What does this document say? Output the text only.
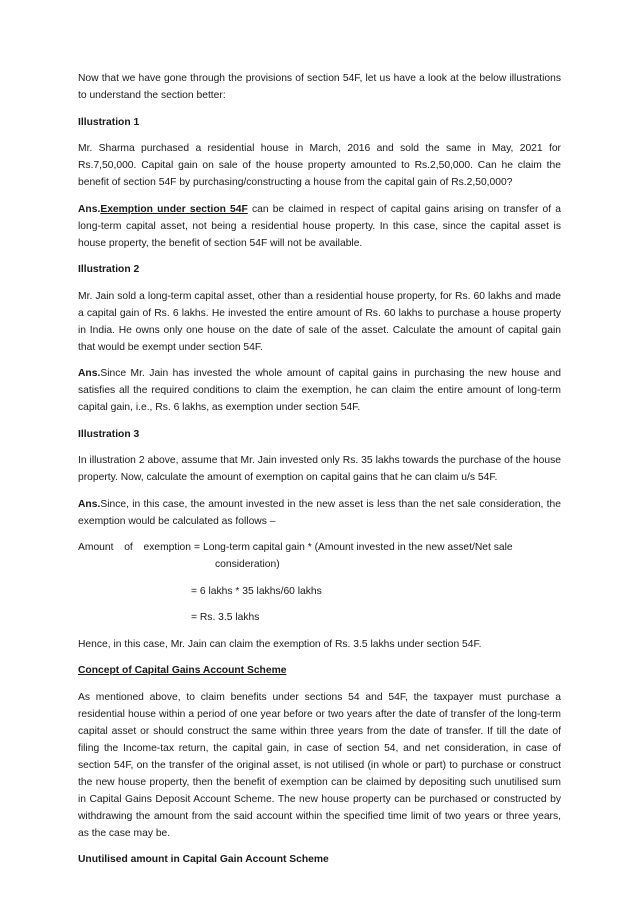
Now that we have gone through the provisions of section 54F, let us have a look at the below illustrations to understand the section better:

Illustration 1

Mr. Sharma purchased a residential house in March, 2016 and sold the same in May, 2021 for Rs.7,50,000. Capital gain on sale of the house property amounted to Rs.2,50,000. Can he claim the benefit of section 54F by purchasing/constructing a house from the capital gain of Rs.2,50,000?

Ans.Exemption under section 54F can be claimed in respect of capital gains arising on transfer of a long-term capital asset, not being a residential house property. In this case, since the capital asset is house property, the benefit of section 54F will not be available.

Illustration 2

Mr. Jain sold a long-term capital asset, other than a residential house property, for Rs. 60 lakhs and made a capital gain of Rs. 6 lakhs. He invested the entire amount of Rs. 60 lakhs to purchase a house property in India. He owns only one house on the date of sale of the asset. Calculate the amount of capital gain that would be exempt under section 54F.

Ans.Since Mr. Jain has invested the whole amount of capital gains in purchasing the new house and satisfies all the required conditions to claim the exemption, he can claim the entire amount of long-term capital gain, i.e., Rs. 6 lakhs, as exemption under section 54F.

Illustration 3

In illustration 2 above, assume that Mr. Jain invested only Rs. 35 lakhs towards the purchase of the house property. Now, calculate the amount of exemption on capital gains that he can claim u/s 54F.

Ans.Since, in this case, the amount invested in the new asset is less than the net sale consideration, the exemption would be calculated as follows –

Amount of exemption = Long-term capital gain * (Amount invested in the new asset/Net sale
consideration)

= 6 lakhs * 35 lakhs/60 lakhs

= Rs. 3.5 lakhs

Hence, in this case, Mr. Jain can claim the exemption of Rs. 3.5 lakhs under section 54F.

Concept of Capital Gains Account Scheme

As mentioned above, to claim benefits under sections 54 and 54F, the taxpayer must purchase a residential house within a period of one year before or two years after the date of transfer of the long-term capital asset or should construct the same within three years from the date of transfer. If till the date of filing the Income-tax return, the capital gain, in case of section 54, and net consideration, in case of section 54F, on the transfer of the original asset, is not utilised (in whole or part) to purchase or construct the new house property, then the benefit of exemption can be claimed by depositing such unutilised sum in Capital Gains Deposit Account Scheme. The new house property can be purchased or constructed by withdrawing the amount from the said account within the specified time limit of two years or three years, as the case may be.

Unutilised amount in Capital Gain Account Scheme
